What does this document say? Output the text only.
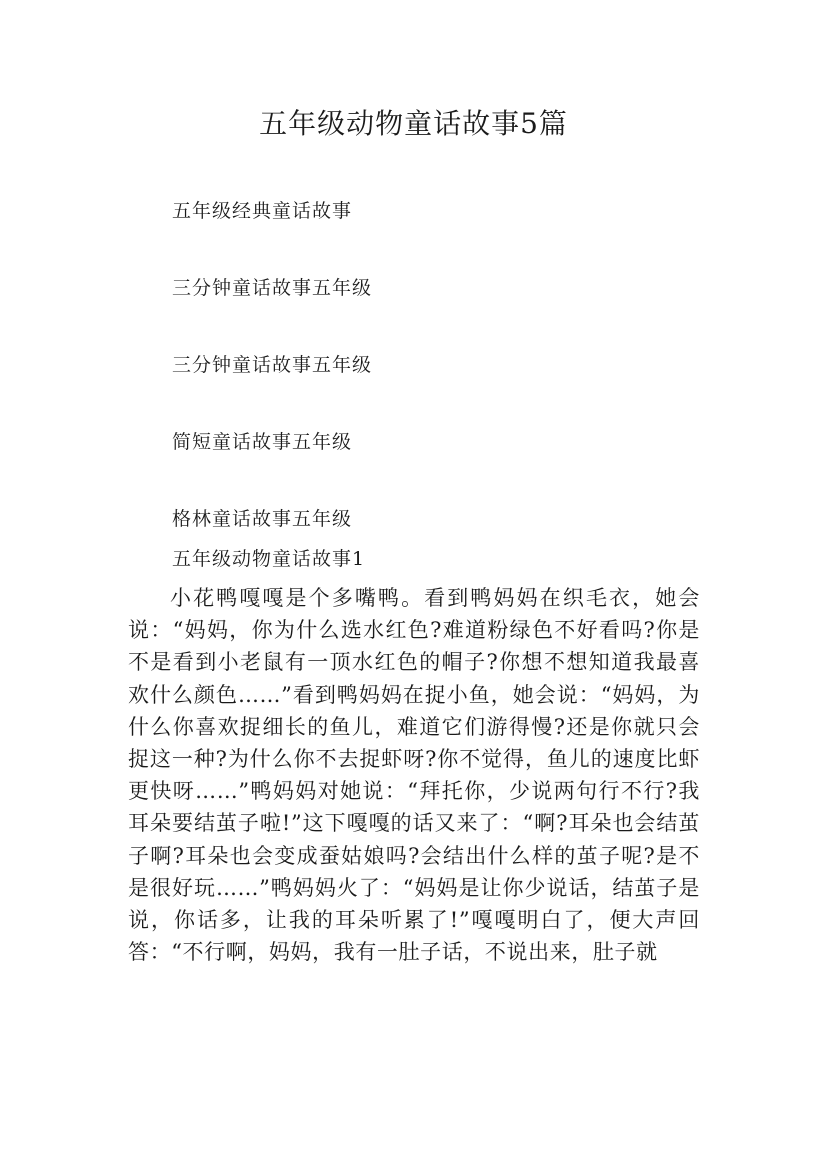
五年级动物童话故事5篇
五年级经典童话故事
三分钟童话故事五年级
三分钟童话故事五年级
简短童话故事五年级
格林童话故事五年级
五年级动物童话故事1

小花鸭嘎嘎是个多嘴鸭。看到鸭妈妈在织毛衣，她会说：“妈妈，你为什么选水红色?难道粉绿色不好看吗?你是不是看到小老鼠有一顶水红色的帽子?你想不想知道我最喜欢什么颜色……”看到鸭妈妈在捉小鱼，她会说：“妈妈，为什么你喜欢捉细长的鱼儿，难道它们游得慢?还是你就只会捉这一种?为什么你不去捉虾呀?你不觉得，鱼儿的速度比虾更快呀……”鸭妈妈对她说：“拜托你，少说两句行不行?我耳朵要结茧子啦!”这下嘎嘎的话又来了：“啊?耳朵也会结茧子啊?耳朵也会变成蚕姑娘吗?会结出什么样的茧子呢?是不是很好玩……”鸭妈妈火了：“妈妈是让你少说话，结茧子是说，你话多，让我的耳朵听累了!”嘎嘎明白了，便大声回答：“不行啊，妈妈，我有一肚子话，不说出来，肚子就
